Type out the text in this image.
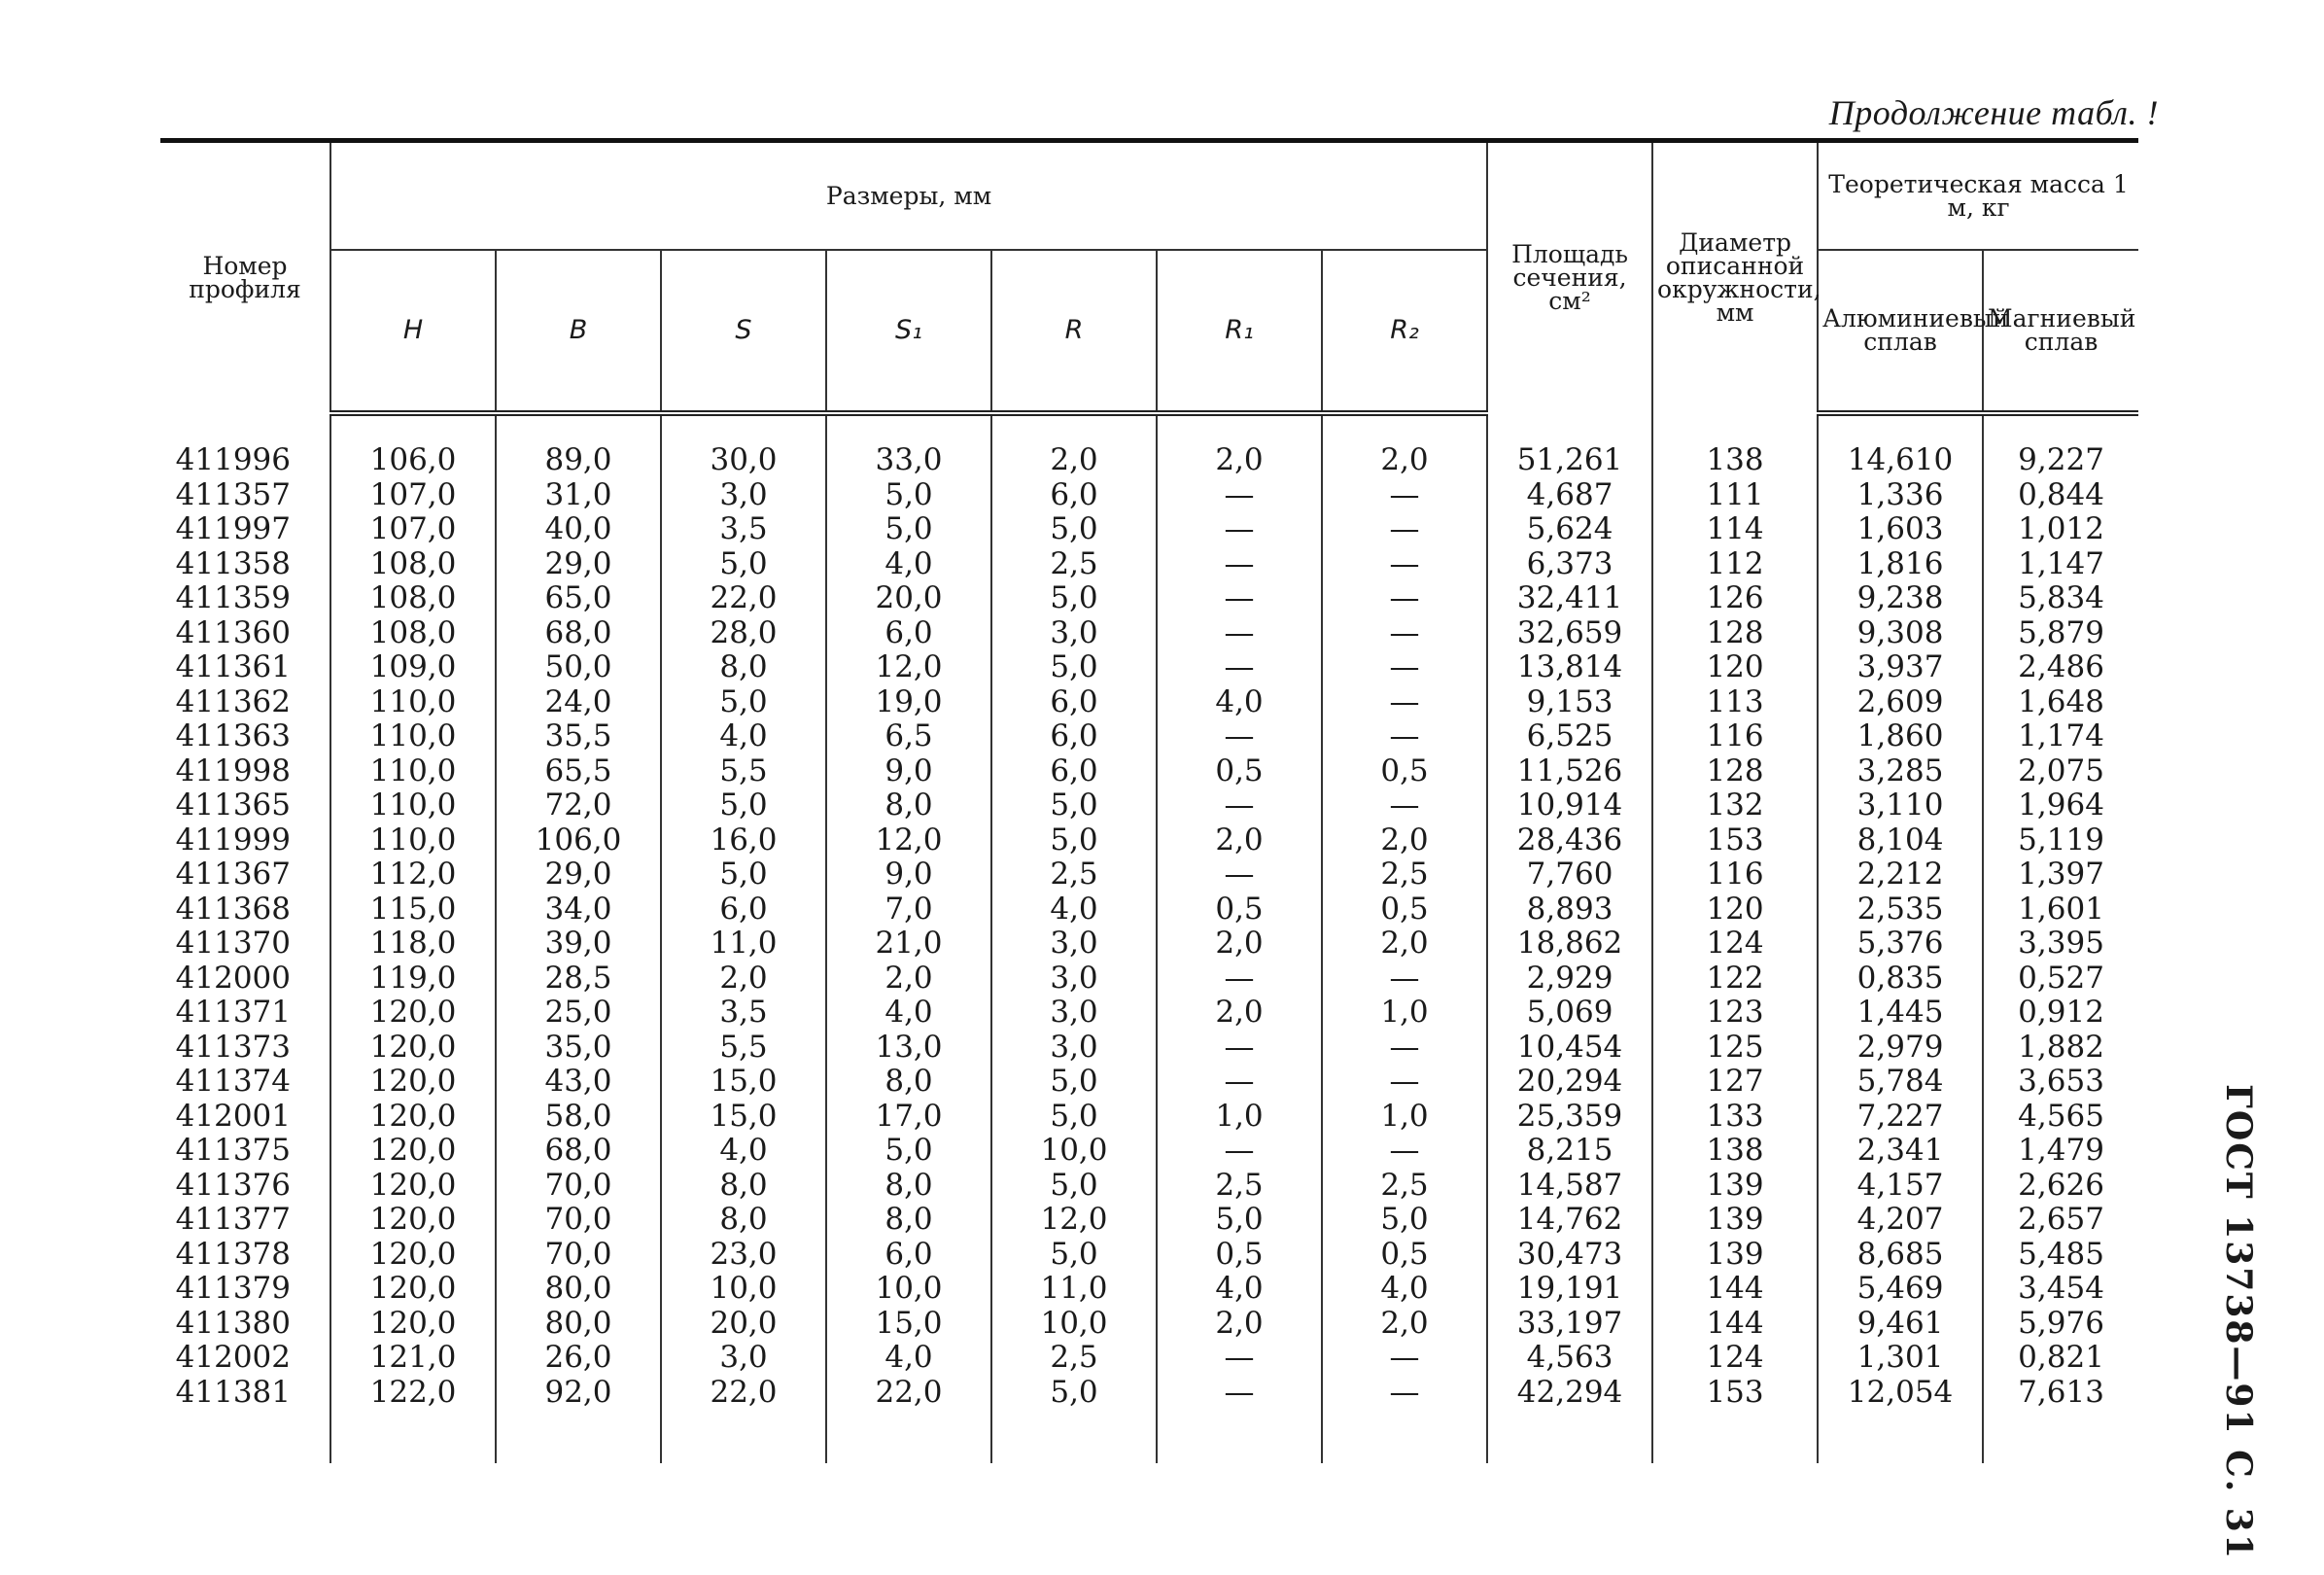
Продолжение табл. !
ГОСТ 13738—91 С. 31
Номер профиля	Размеры, мм							Площадь сечения, см²	Диаметр описанной окружности, мм	Теоретическая масса 1 м, кг	
	H	B	S	S₁	R	R₁	R₂			Алюминиевый сплав	Магниевый сплав

411996	106,0	89,0	30,0	33,0	2,0	2,0	2,0	51,261	138	14,610	9,227
411357	107,0	31,0	3,0	5,0	6,0	—	—	4,687	111	1,336	0,844
411997	107,0	40,0	3,5	5,0	5,0	—	—	5,624	114	1,603	1,012
411358	108,0	29,0	5,0	4,0	2,5	—	—	6,373	112	1,816	1,147
411359	108,0	65,0	22,0	20,0	5,0	—	—	32,411	126	9,238	5,834
411360	108,0	68,0	28,0	6,0	3,0	—	—	32,659	128	9,308	5,879
411361	109,0	50,0	8,0	12,0	5,0	—	—	13,814	120	3,937	2,486
411362	110,0	24,0	5,0	19,0	6,0	4,0	—	9,153	113	2,609	1,648
411363	110,0	35,5	4,0	6,5	6,0	—	—	6,525	116	1,860	1,174
411998	110,0	65,5	5,5	9,0	6,0	0,5	0,5	11,526	128	3,285	2,075
411365	110,0	72,0	5,0	8,0	5,0	—	—	10,914	132	3,110	1,964
411999	110,0	106,0	16,0	12,0	5,0	2,0	2,0	28,436	153	8,104	5,119
411367	112,0	29,0	5,0	9,0	2,5	—	2,5	7,760	116	2,212	1,397
411368	115,0	34,0	6,0	7,0	4,0	0,5	0,5	8,893	120	2,535	1,601
411370	118,0	39,0	11,0	21,0	3,0	2,0	2,0	18,862	124	5,376	3,395
412000	119,0	28,5	2,0	2,0	3,0	—	—	2,929	122	0,835	0,527
411371	120,0	25,0	3,5	4,0	3,0	2,0	1,0	5,069	123	1,445	0,912
411373	120,0	35,0	5,5	13,0	3,0	—	—	10,454	125	2,979	1,882
411374	120,0	43,0	15,0	8,0	5,0	—	—	20,294	127	5,784	3,653
412001	120,0	58,0	15,0	17,0	5,0	1,0	1,0	25,359	133	7,227	4,565
411375	120,0	68,0	4,0	5,0	10,0	—	—	8,215	138	2,341	1,479
411376	120,0	70,0	8,0	8,0	5,0	2,5	2,5	14,587	139	4,157	2,626
411377	120,0	70,0	8,0	8,0	12,0	5,0	5,0	14,762	139	4,207	2,657
411378	120,0	70,0	23,0	6,0	5,0	0,5	0,5	30,473	139	8,685	5,485
411379	120,0	80,0	10,0	10,0	11,0	4,0	4,0	19,191	144	5,469	3,454
411380	120,0	80,0	20,0	15,0	10,0	2,0	2,0	33,197	144	9,461	5,976
412002	121,0	26,0	3,0	4,0	2,5	—	—	4,563	124	1,301	0,821
411381	122,0	92,0	22,0	22,0	5,0	—	—	42,294	153	12,054	7,613
